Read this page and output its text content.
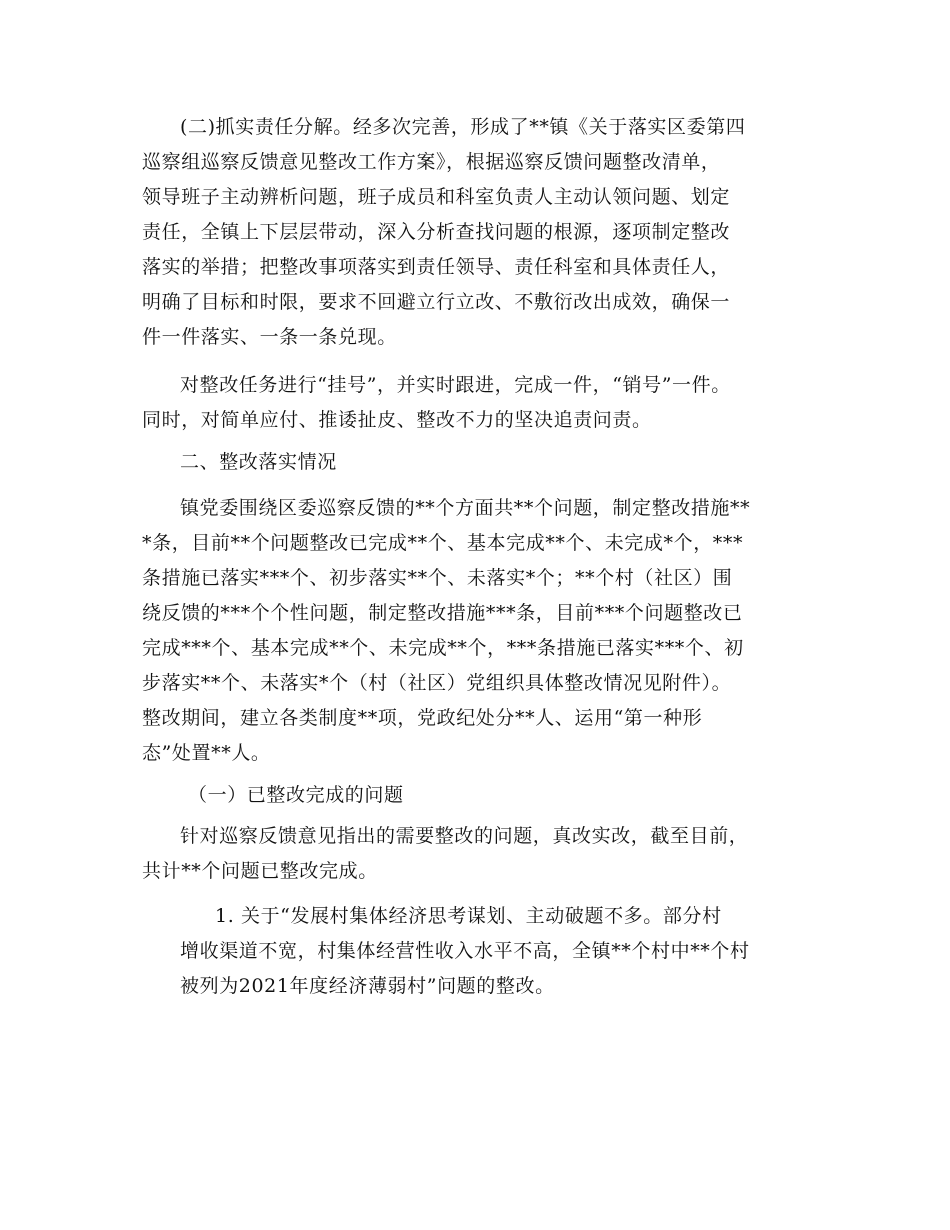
(二)抓实责任分解。经多次完善，形成了**镇《关于落实区委第四
巡察组巡察反馈意见整改工作方案》，根据巡察反馈问题整改清单，
领导班子主动辨析问题，班子成员和科室负责人主动认领问题、划定
责任，全镇上下层层带动，深入分析查找问题的根源，逐项制定整改
落实的举措；把整改事项落实到责任领导、责任科室和具体责任人，
明确了目标和时限，要求不回避立行立改、不敷衍改出成效，确保一
件一件落实、一条一条兑现。
对整改任务进行“挂号”，并实时跟进，完成一件，“销号”一件。
同时，对简单应付、推诿扯皮、整改不力的坚决追责问责。
二、整改落实情况
镇党委围绕区委巡察反馈的**个方面共**个问题，制定整改措施**
*条，目前**个问题整改已完成**个、基本完成**个、未完成*个，***
条措施已落实***个、初步落实**个、未落实*个；**个村（社区）围
绕反馈的***个个性问题，制定整改措施***条，目前***个问题整改已
完成***个、基本完成**个、未完成**个，***条措施已落实***个、初
步落实**个、未落实*个（村（社区）党组织具体整改情况见附件）。
整改期间，建立各类制度**项，党政纪处分**人、运用“第一种形
态”处置**人。
（一）已整改完成的问题
针对巡察反馈意见指出的需要整改的问题，真改实改，截至目前，
共计**个问题已整改完成。
1. 关于“发展村集体经济思考谋划、主动破题不多。部分村
增收渠道不宽，村集体经营性收入水平不高，全镇**个村中**个村
被列为2021年度经济薄弱村”问题的整改。
